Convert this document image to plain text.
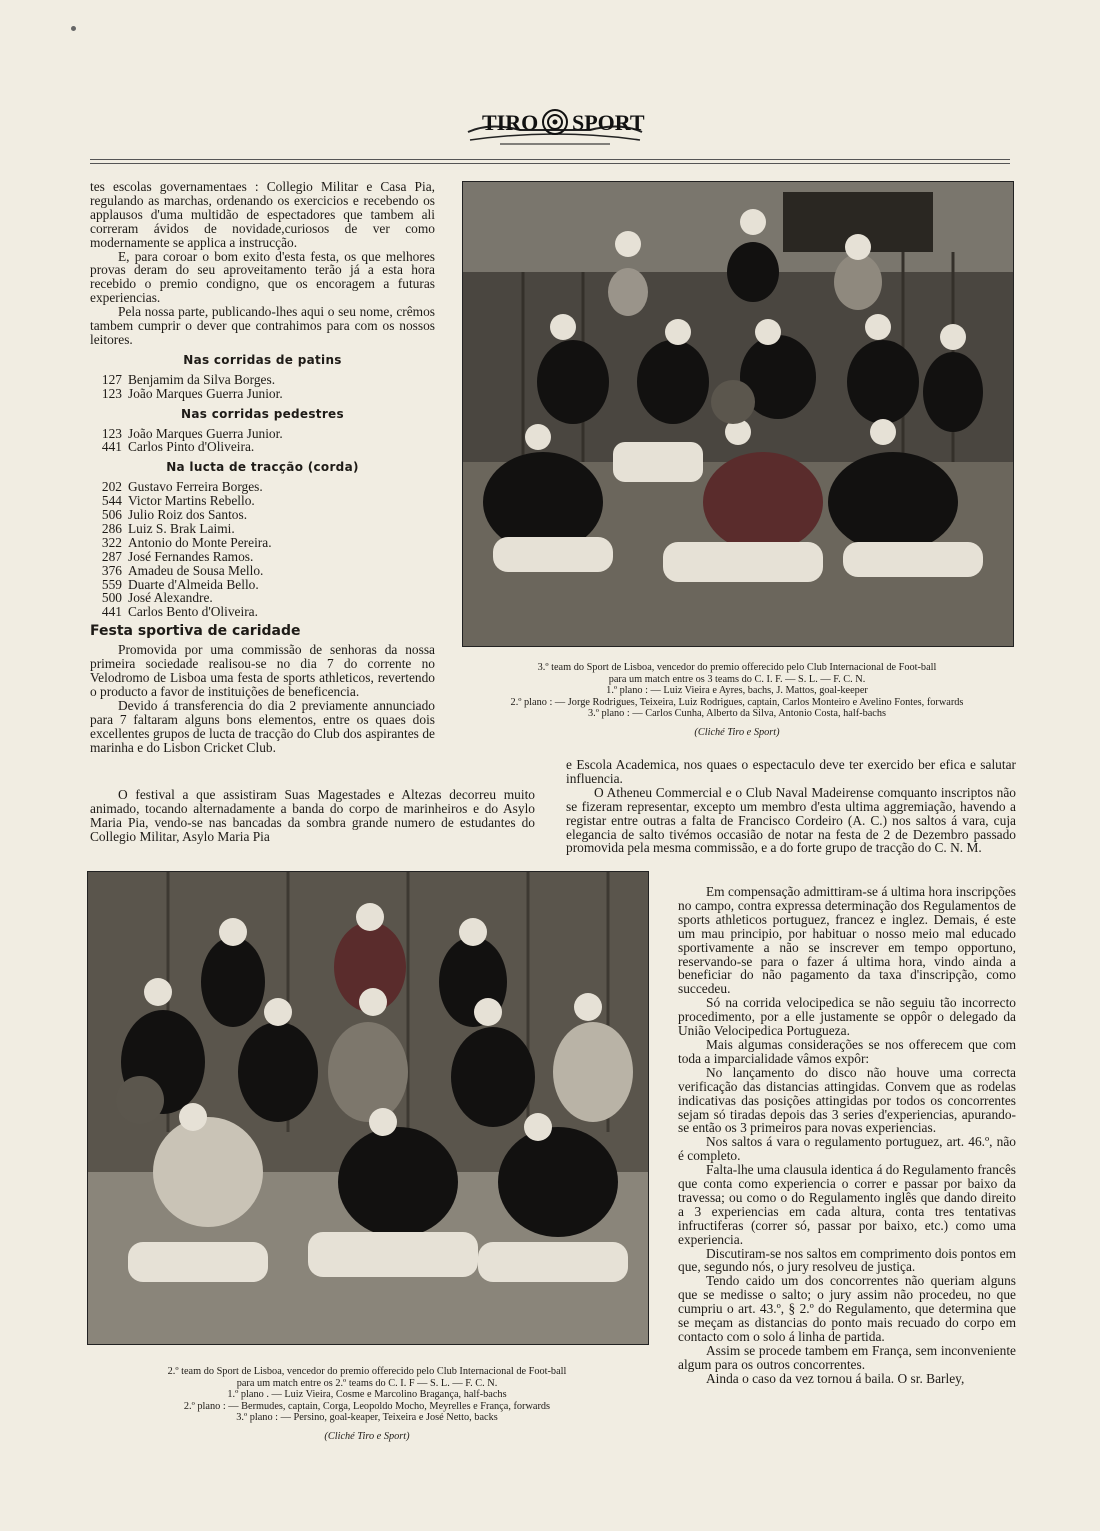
TIRO SPORT

tes escolas governamentaes : Collegio Militar e Casa Pia, regulando as marchas, ordenando os exercicios e recebendo os applausos d'uma multidão de espectadores que tambem ali correram ávidos de novidade,curiosos de ver como modernamente se applica a instrucção.

E, para coroar o bom exito d'esta festa, os que melhores provas deram do seu aproveitamento terão já a esta hora recebido o premio condigno, que os encoragem a futuras experiencias.

Pela nossa parte, publicando-lhes aqui o seu nome, crêmos tambem cumprir o dever que contrahimos para com os nossos leitores.

Nas corridas de patins
127 Benjamim da Silva Borges.
123 João Marques Guerra Junior.
Nas corridas pedestres
123 João Marques Guerra Junior.
441 Carlos Pinto d'Oliveira.
Na lucta de tracção (corda)
202 Gustavo Ferreira Borges.
544 Victor Martins Rebello.
506 Julio Roiz dos Santos.
286 Luiz S. Brak Laimi.
322 Antonio do Monte Pereira.
287 José Fernandes Ramos.
376 Amadeu de Sousa Mello.
559 Duarte d'Almeida Bello.
500 José Alexandre.
441 Carlos Bento d'Oliveira.
Festa sportiva de caridade

Promovida por uma commissão de senhoras da nossa primeira sociedade realisou-se no dia 7 do corrente no Velodromo de Lisboa uma festa de sports athleticos, revertendo o producto a favor de instituições de beneficencia.

Devido á transferencia do dia 2 previamente annunciado para 7 faltaram alguns bons elementos, entre os quaes dois excellentes grupos de lucta de tracção do Club dos aspirantes de marinha e do Lisbon Cricket Club.

O festival a que assistiram Suas Magestades e Altezas decorreu muito animado, tocando alternadamente a banda do corpo de marinheiros e do Asylo Maria Pia, vendo-se nas bancadas da sombra grande numero de estudantes do Collegio Militar, Asylo Maria Pia

3.º team do Sport de Lisboa, vencedor do premio offerecido pelo Club Internacional de Foot-ball
para um match entre os 3 teams do C. I. F. — S. L. — F. C. N.
1.º plano : — Luiz Vieira e Ayres, bachs, J. Mattos, goal-keeper
2.º plano : — Jorge Rodrigues, Teixeira, Luiz Rodrigues, captain, Carlos Monteiro e Avelino Fontes, forwards
3.º plano : — Carlos Cunha, Alberto da Silva, Antonio Costa, half-bachs
(Cliché Tiro e Sport)

e Escola Academica, nos quaes o espectaculo deve ter exercido ber efica e salutar influencia.

O Atheneu Commercial e o Club Naval Madeirense comquanto inscriptos não se fizeram representar, excepto um membro d'esta ultima aggremiação, havendo a registar entre outras a falta de Francisco Cordeiro (A. C.) nos saltos á vara, cuja elegancia de salto tivémos occasião de notar na festa de 2 de Dezembro passado promovida pela mesma commissão, e a do forte grupo de tracção do C. N. M.

Em compensação admittiram-se á ultima hora inscripções no campo, contra expressa determinação dos Regulamentos de sports athleticos portuguez, francez e inglez. Demais, é este um mau principio, por habituar o nosso meio mal educado sportivamente a não se inscrever em tempo opportuno, reservando-se para o fazer á ultima hora, vindo ainda a beneficiar do não pagamento da taxa d'inscripção, como succedeu.

Só na corrida velocipedica se não seguiu tão incorrecto procedimento, por a elle justamente se oppôr o delegado da União Velocipedica Portugueza.

Mais algumas considerações se nos offerecem que com toda a imparcialidade vâmos expôr:

No lançamento do disco não houve uma correcta verificação das distancias attingidas. Convem que as rodelas indicativas das posições attingidas por todos os concorrentes sejam só tiradas depois das 3 series d'experiencias, apurando-se então os 3 primeiros para novas experiencias.

Nos saltos á vara o regulamento portuguez, art. 46.º, não é completo.

Falta-lhe uma clausula identica á do Regulamento francês que conta como experiencia o correr e passar por baixo da travessa; ou como o do Regulamento inglês que dando direito a 3 experiencias em cada altura, conta tres tentativas infructiferas (correr só, passar por baixo, etc.) como uma experiencia.

Discutiram-se nos saltos em comprimento dois pontos em que, segundo nós, o jury resolveu de justiça.

Tendo caido um dos concorrentes não queriam alguns que se medisse o salto; o jury assim não procedeu, no que cumpriu o art. 43.º, § 2.º do Regulamento, que determina que se meçam as distancias do ponto mais recuado do corpo em contacto com o solo á linha de partida.

Assim se procede tambem em França, sem inconveniente algum para os outros concorrentes.

Ainda o caso da vez tornou á baila. O sr. Barley,

2.º team do Sport de Lisboa, vencedor do premio offerecido pelo Club Internacional de Foot-ball
para um match entre os 2.º teams do C. I. F — S. L. — F. C. N.
1.º plano . — Luiz Vieira, Cosme e Marcolino Bragança, half-bachs
2.º plano : — Bermudes, captain, Corga, Leopoldo Mocho, Meyrelles e França, forwards
3.º plano : — Persino, goal-keaper, Teixeira e José Netto, backs
(Cliché Tiro e Sport)
